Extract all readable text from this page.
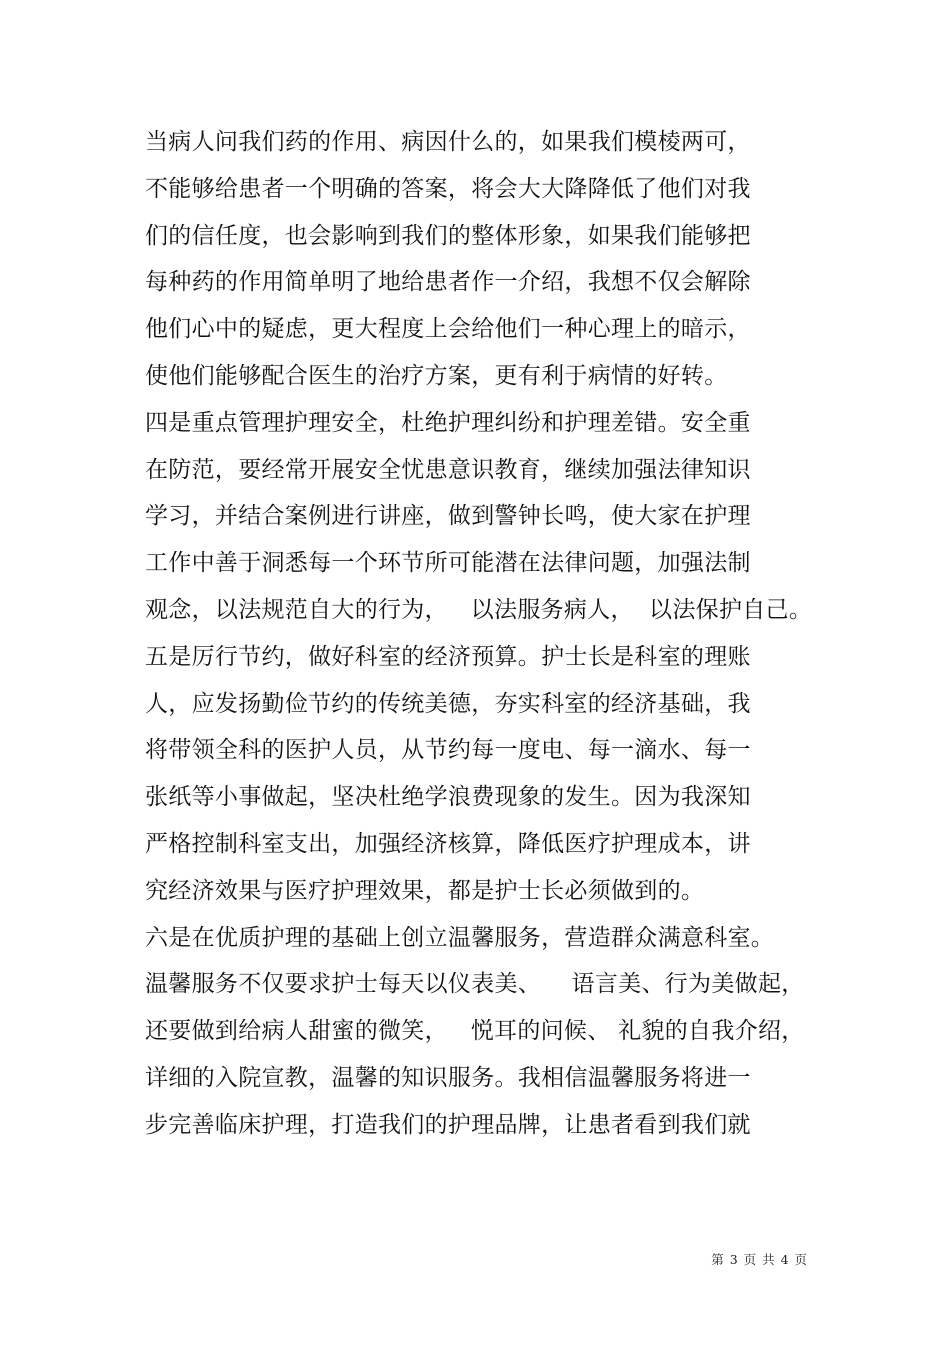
当病人问我们药的作用、病因什么的，如果我们模棱两可，
不能够给患者一个明确的答案，将会大大降降低了他们对我
们的信任度，也会影响到我们的整体形象，如果我们能够把
每种药的作用简单明了地给患者作一介绍，我想不仅会解除
他们心中的疑虑，更大程度上会给他们一种心理上的暗示，
使他们能够配合医生的治疗方案，更有利于病情的好转。
四是重点管理护理安全，杜绝护理纠纷和护理差错。安全重
在防范，要经常开展安全忧患意识教育，继续加强法律知识
学习，并结合案例进行讲座，做到警钟长鸣，使大家在护理
工作中善于洞悉每一个环节所可能潜在法律问题，加强法制
观念，以法规范自大的行为，   以法服务病人，  以法保护自己。
五是厉行节约，做好科室的经济预算。护士长是科室的理账
人，应发扬勤俭节约的传统美德，夯实科室的经济基础，我
将带领全科的医护人员，从节约每一度电、每一滴水、每一
张纸等小事做起，坚决杜绝学浪费现象的发生。因为我深知
严格控制科室支出，加强经济核算，降低医疗护理成本，讲
究经济效果与医疗护理效果，都是护士长必须做到的。
六是在优质护理的基础上创立温馨服务，营造群众满意科室。
温馨服务不仅要求护士每天以仪表美、    语言美、行为美做起，
还要做到给病人甜蜜的微笑，   悦耳的问候、 礼貌的自我介绍，
详细的入院宣教，温馨的知识服务。我相信温馨服务将进一
步完善临床护理，打造我们的护理品牌，让患者看到我们就
第 3 页 共 4 页
